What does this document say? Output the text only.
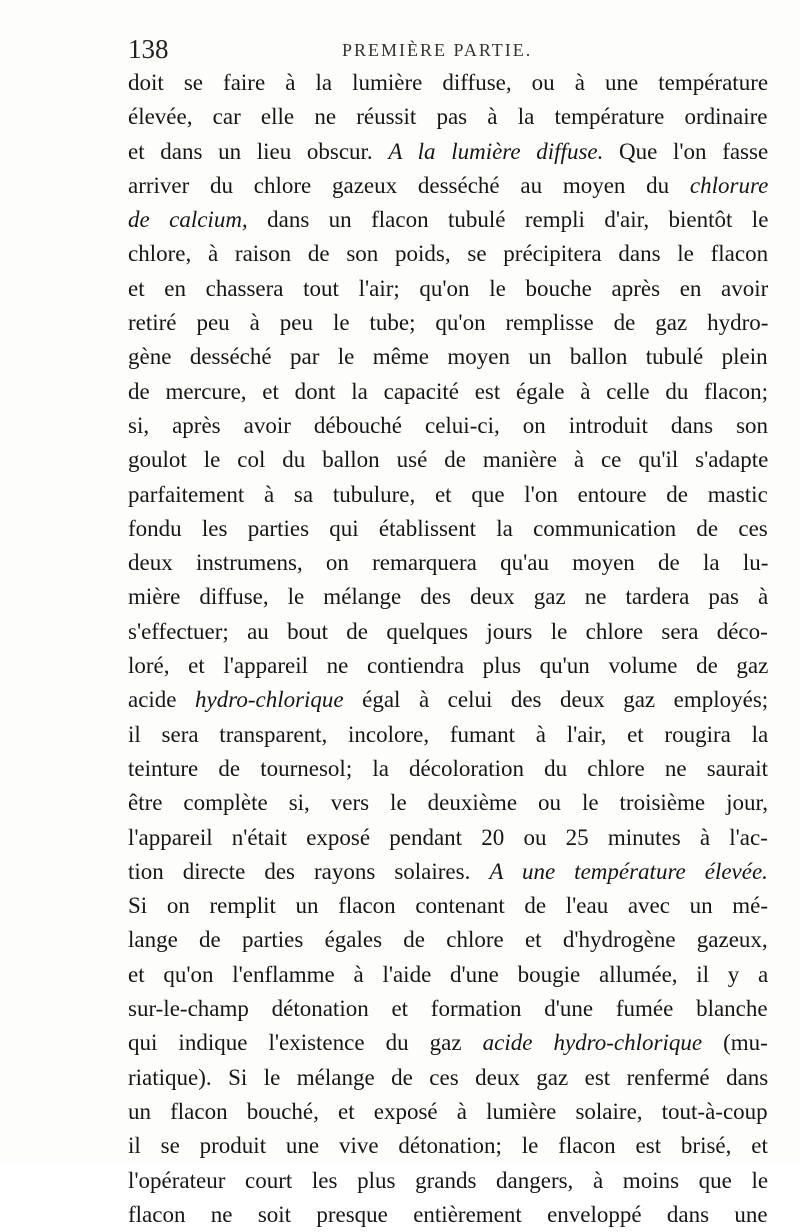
138	PREMIÈRE PARTIE.
doit se faire à la lumière diffuse, ou à une température
élevée, car elle ne réussit pas à la température ordinaire
et dans un lieu obscur. A la lumière diffuse. Que l'on fasse
arriver du chlore gazeux desséché au moyen du chlorure
de calcium, dans un flacon tubulé rempli d'air, bientôt le
chlore, à raison de son poids, se précipitera dans le flacon
et en chassera tout l'air; qu'on le bouche après en avoir
retiré peu à peu le tube; qu'on remplisse de gaz hydro-
gène desséché par le même moyen un ballon tubulé plein
de mercure, et dont la capacité est égale à celle du flacon;
si, après avoir débouché celui-ci, on introduit dans son
goulot le col du ballon usé de manière à ce qu'il s'adapte
parfaitement à sa tubulure, et que l'on entoure de mastic
fondu les parties qui établissent la communication de ces
deux instrumens, on remarquera qu'au moyen de la lu-
mière diffuse, le mélange des deux gaz ne tardera pas à
s'effectuer; au bout de quelques jours le chlore sera déco-
loré, et l'appareil ne contiendra plus qu'un volume de gaz
acide hydro-chlorique égal à celui des deux gaz employés;
il sera transparent, incolore, fumant à l'air, et rougira la
teinture de tournesol; la décoloration du chlore ne saurait
être complète si, vers le deuxième ou le troisième jour,
l'appareil n'était exposé pendant 20 ou 25 minutes à l'ac-
tion directe des rayons solaires. A une température élevée.
Si on remplit un flacon contenant de l'eau avec un mé-
lange de parties égales de chlore et d'hydrogène gazeux,
et qu'on l'enflamme à l'aide d'une bougie allumée, il y a
sur-le-champ détonation et formation d'une fumée blanche
qui indique l'existence du gaz acide hydro-chlorique (mu-
riatique). Si le mélange de ces deux gaz est renfermé dans
un flacon bouché, et exposé à lumière solaire, tout-à-coup
il se produit une vive détonation; le flacon est brisé, et
l'opérateur court les plus grands dangers, à moins que le
flacon ne soit presque entièrement enveloppé dans une
